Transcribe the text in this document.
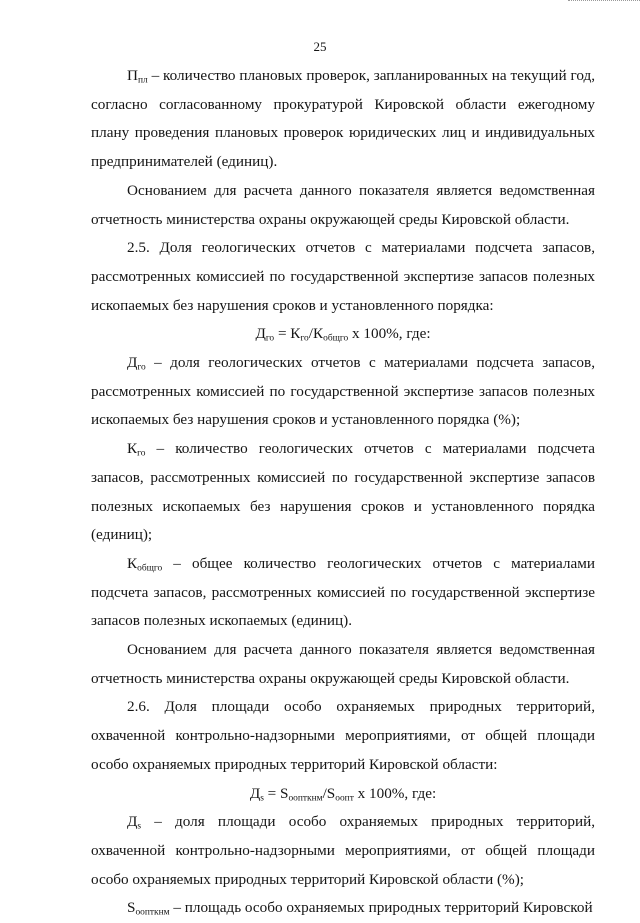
25

$П_{пл}$ – количество плановых проверок, запланированных на текущий год, согласно согласованному прокуратурой Кировской области ежегодному плану проведения плановых проверок юридических лиц и индивидуальных предпринимателей (единиц).

Основанием для расчета данного показателя является ведомственная отчетность министерства охраны окружающей среды Кировской области.

2.5. Доля геологических отчетов с материалами подсчета запасов, рассмотренных комиссией по государственной экспертизе запасов полезных ископаемых без нарушения сроков и установленного порядка:

$Д_{го} = К_{го}/К_{общго}$ x 100%, где:

$Д_{го}$ – доля геологических отчетов с материалами подсчета запасов, рассмотренных комиссией по государственной экспертизе запасов полезных ископаемых без нарушения сроков и установленного порядка (%);

$К_{го}$ – количество геологических отчетов с материалами подсчета запасов, рассмотренных комиссией по государственной экспертизе запасов полезных ископаемых без нарушения сроков и установленного порядка (единиц);

$К_{общго}$ – общее количество геологических отчетов с материалами подсчета запасов, рассмотренных комиссией по государственной экспертизе запасов полезных ископаемых (единиц).

Основанием для расчета данного показателя является ведомственная отчетность министерства охраны окружающей среды Кировской области.

2.6. Доля площади особо охраняемых природных территорий, охваченной контрольно-надзорными мероприятиями, от общей площади особо охраняемых природных территорий Кировской области:

$Д_s = S_{оопткнм}/S_{оопт}$ x 100%, где:

$Д_s$ – доля площади особо охраняемых природных территорий, охваченной контрольно-надзорными мероприятиями, от общей площади особо охраняемых природных территорий Кировской области (%);

$S_{оопткнм}$ – площадь особо охраняемых природных территорий Кировской
